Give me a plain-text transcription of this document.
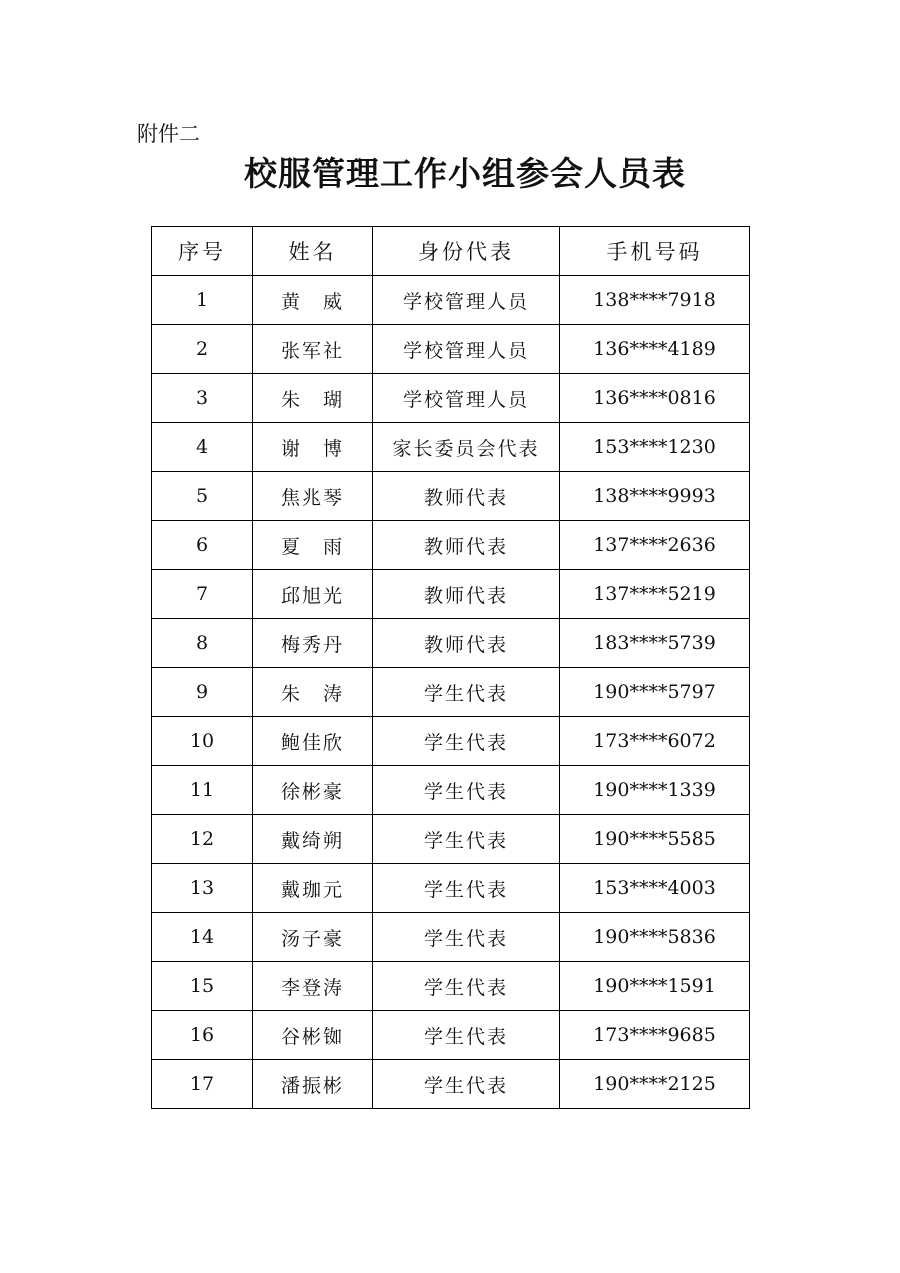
附件二
校服管理工作小组参会人员表
序号	姓名	身份代表	手机号码
1	黄　威	学校管理人员	138****7918
2	张军社	学校管理人员	136****4189
3	朱　瑚	学校管理人员	136****0816
4	谢　博	家长委员会代表	153****1230
5	焦兆琴	教师代表	138****9993
6	夏　雨	教师代表	137****2636
7	邱旭光	教师代表	137****5219
8	梅秀丹	教师代表	183****5739
9	朱　涛	学生代表	190****5797
10	鲍佳欣	学生代表	173****6072
11	徐彬豪	学生代表	190****1339
12	戴绮朔	学生代表	190****5585
13	戴珈元	学生代表	153****4003
14	汤子豪	学生代表	190****5836
15	李登涛	学生代表	190****1591
16	谷彬铷	学生代表	173****9685
17	潘振彬	学生代表	190****2125
